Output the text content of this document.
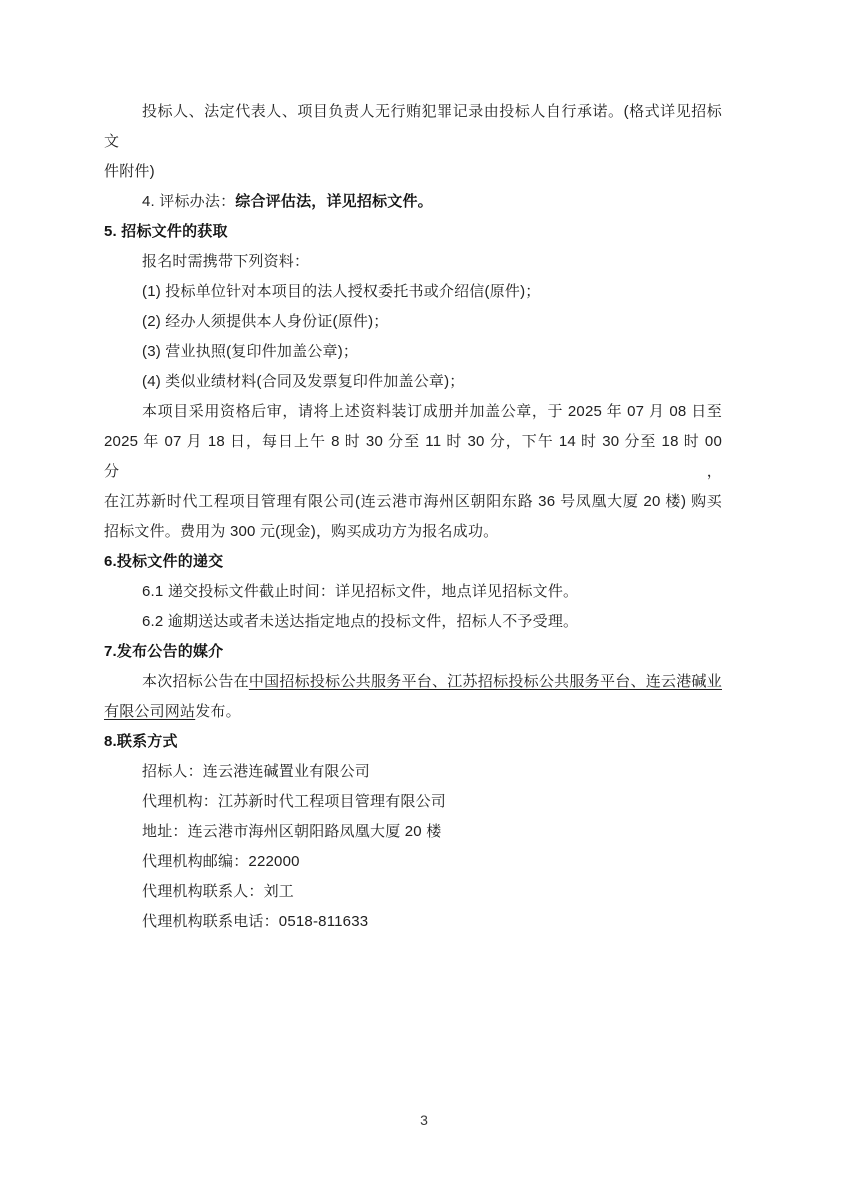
投标人、法定代表人、项目负责人无行贿犯罪记录由投标人自行承诺。(格式详见招标文
件附件)
4. 评标办法：综合评估法，详见招标文件。
5. 招标文件的获取
报名时需携带下列资料：
(1) 投标单位针对本项目的法人授权委托书或介绍信(原件)；
(2) 经办人须提供本人身份证(原件)；
(3) 营业执照(复印件加盖公章)；
(4) 类似业绩材料(合同及发票复印件加盖公章)；
本项目采用资格后审，请将上述资料装订成册并加盖公章，于 2025 年 07 月 08 日至
2025 年 07 月 18 日，每日上午 8 时 30 分至 11 时 30 分，下午 14 时 30 分至 18 时 00 分，
在江苏新时代工程项目管理有限公司(连云港市海州区朝阳东路 36 号凤凰大厦 20 楼) 购买
招标文件。费用为 300 元(现金)，购买成功方为报名成功。
6.投标文件的递交
6.1 递交投标文件截止时间：详见招标文件，地点详见招标文件。
6.2 逾期送达或者未送达指定地点的投标文件，招标人不予受理。
7.发布公告的媒介
本次招标公告在中国招标投标公共服务平台、江苏招标投标公共服务平台、连云港碱业
有限公司网站发布。
8.联系方式
招标人：连云港连碱置业有限公司
代理机构：江苏新时代工程项目管理有限公司
地址：连云港市海州区朝阳路凤凰大厦 20 楼
代理机构邮编：222000
代理机构联系人：刘工
代理机构联系电话：0518-811633
3
